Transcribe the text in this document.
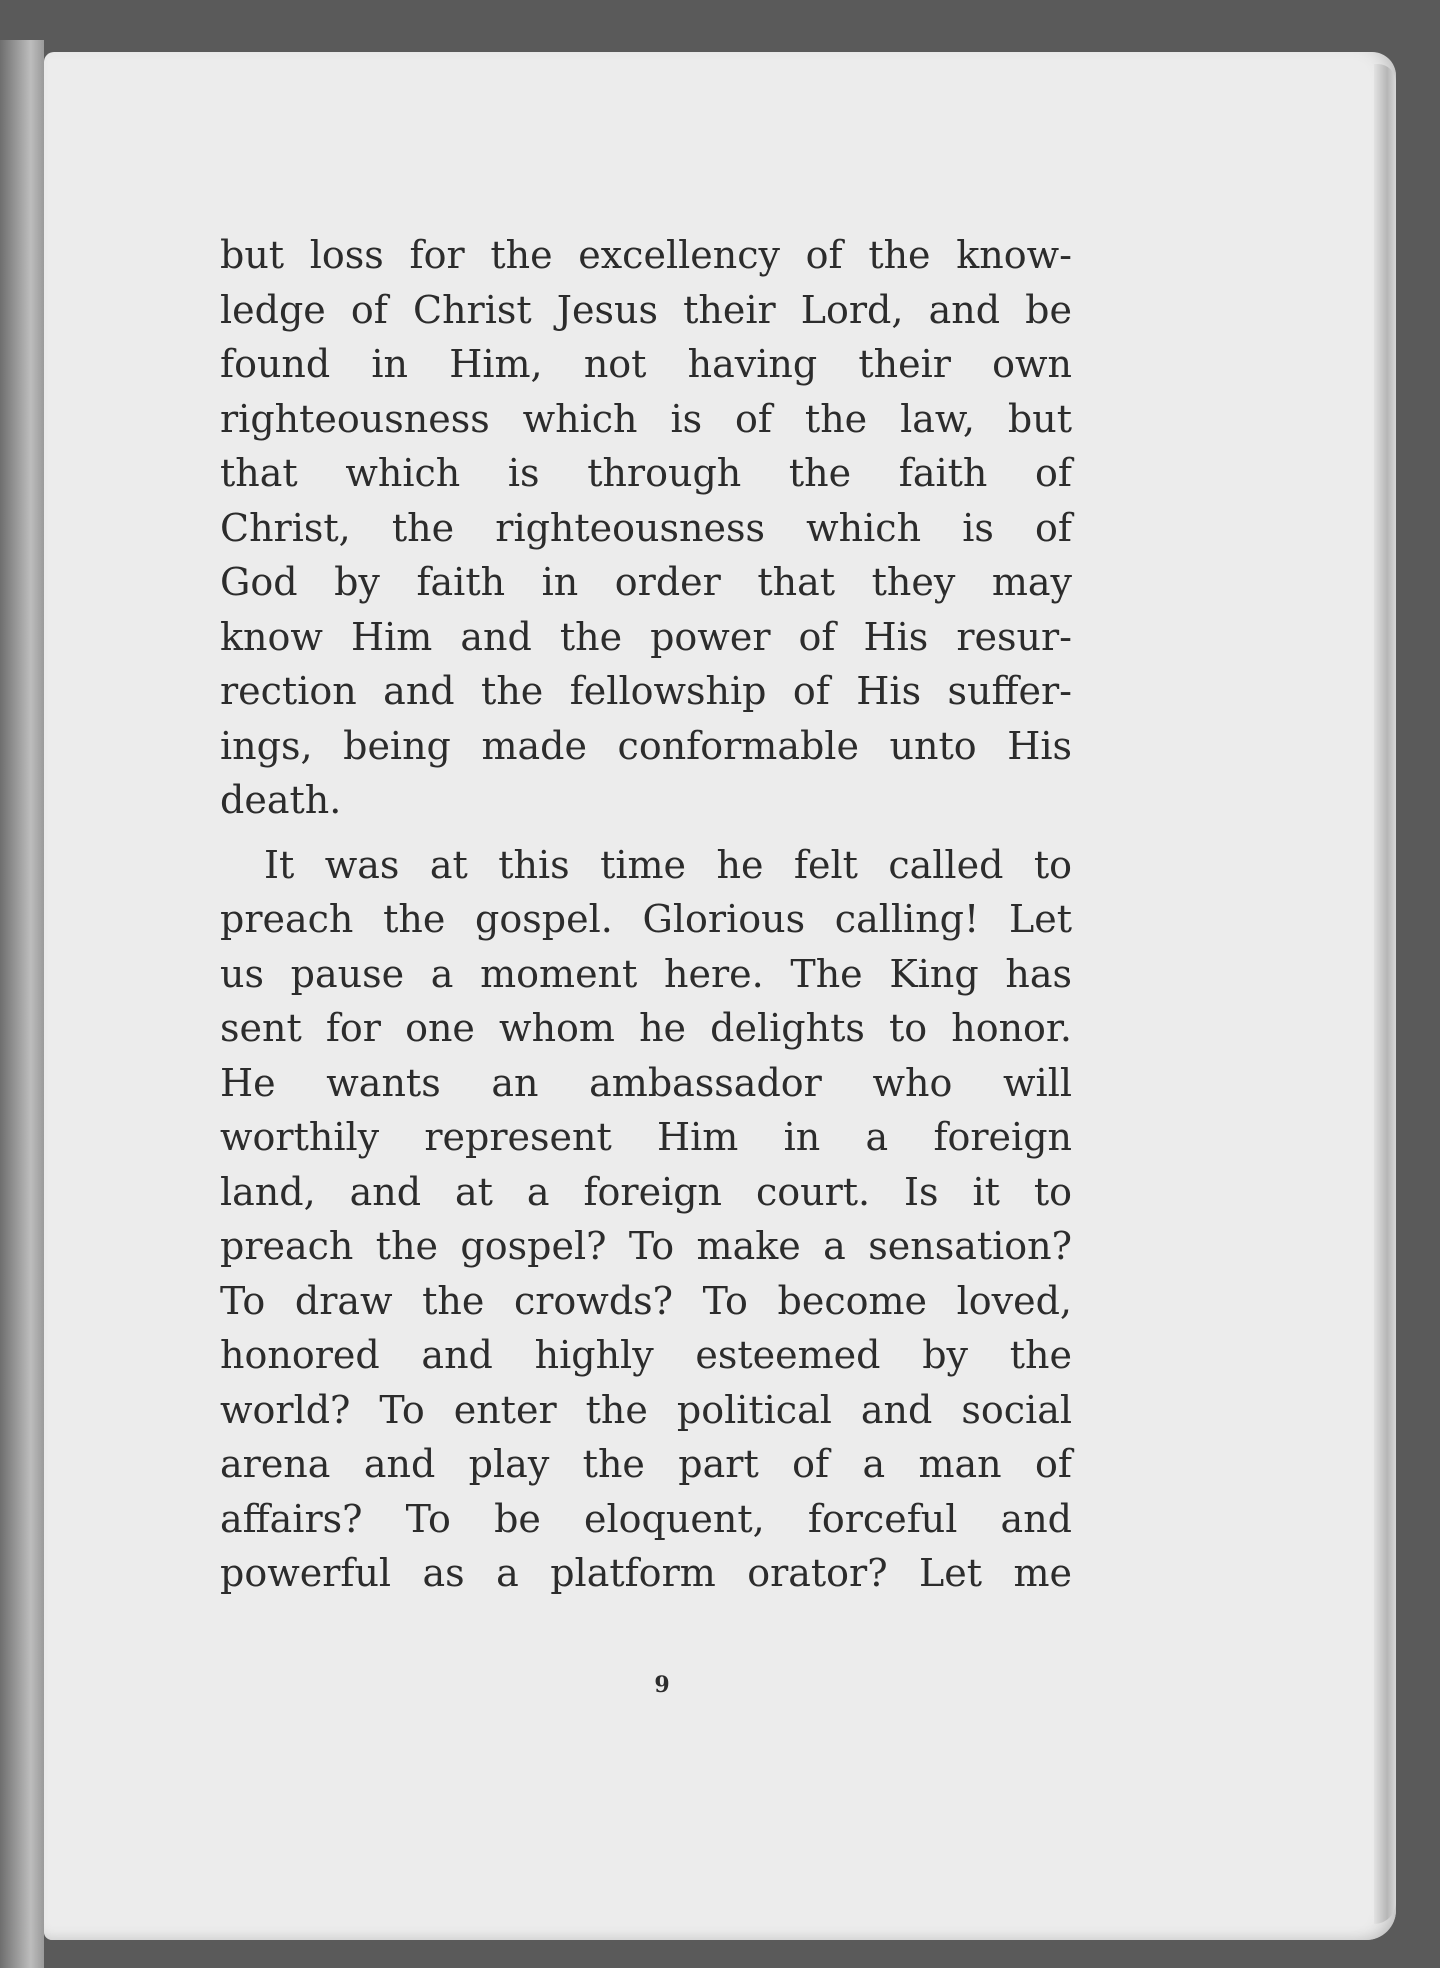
but loss for the excellency of the know-
ledge of Christ Jesus their Lord, and be
found in Him, not having their own
righteousness which is of the law, but
that which is through the faith of
Christ, the righteousness which is of
God by faith in order that they may
know Him and the power of His resur-
rection and the fellowship of His suffer-
ings, being made conformable unto His
death.
It was at this time he felt called to
preach the gospel. Glorious calling! Let
us pause a moment here. The King has
sent for one whom he delights to honor.
He wants an ambassador who will
worthily represent Him in a foreign
land, and at a foreign court. Is it to
preach the gospel? To make a sensation?
To draw the crowds? To become loved,
honored and highly esteemed by the
world? To enter the political and social
arena and play the part of a man of
affairs? To be eloquent, forceful and
powerful as a platform orator? Let me
9
